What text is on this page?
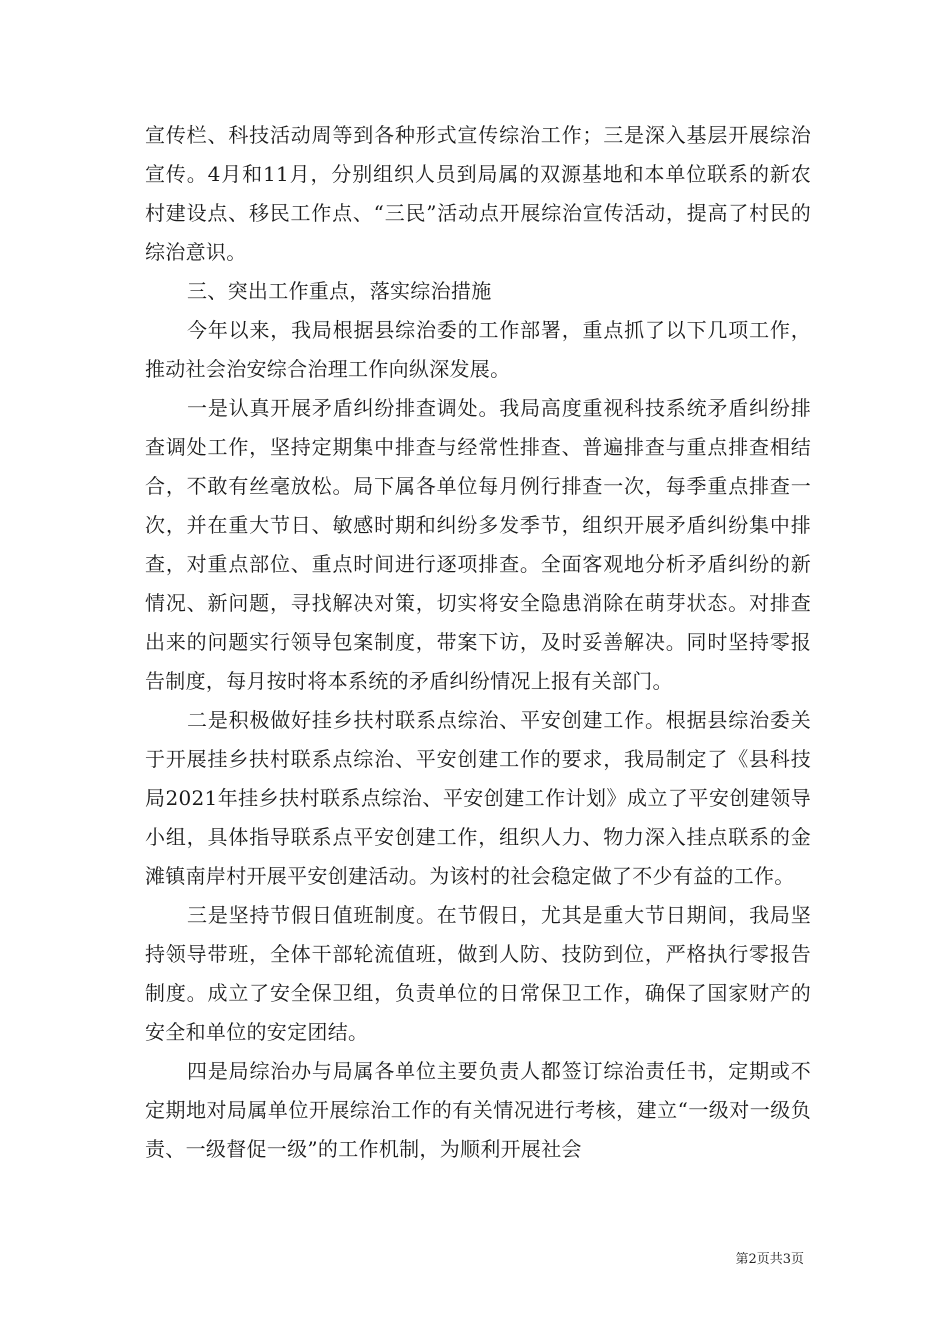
宣传栏、科技活动周等到各种形式宣传综治工作；三是深入基层开展综治宣传。4月和11月，分别组织人员到局属的双源基地和本单位联系的新农村建设点、移民工作点、“三民”活动点开展综治宣传活动，提高了村民的综治意识。

三、突出工作重点，落实综治措施

今年以来，我局根据县综治委的工作部署，重点抓了以下几项工作，推动社会治安综合治理工作向纵深发展。

一是认真开展矛盾纠纷排查调处。我局高度重视科技系统矛盾纠纷排查调处工作，坚持定期集中排查与经常性排查、普遍排查与重点排查相结合，不敢有丝毫放松。局下属各单位每月例行排查一次，每季重点排查一次，并在重大节日、敏感时期和纠纷多发季节，组织开展矛盾纠纷集中排查，对重点部位、重点时间进行逐项排查。全面客观地分析矛盾纠纷的新情况、新问题，寻找解决对策，切实将安全隐患消除在萌芽状态。对排查出来的问题实行领导包案制度，带案下访，及时妥善解决。同时坚持零报告制度，每月按时将本系统的矛盾纠纷情况上报有关部门。

二是积极做好挂乡扶村联系点综治、平安创建工作。根据县综治委关于开展挂乡扶村联系点综治、平安创建工作的要求，我局制定了《县科技局2021年挂乡扶村联系点综治、平安创建工作计划》成立了平安创建领导小组，具体指导联系点平安创建工作，组织人力、物力深入挂点联系的金滩镇南岸村开展平安创建活动。为该村的社会稳定做了不少有益的工作。

三是坚持节假日值班制度。在节假日，尤其是重大节日期间，我局坚持领导带班，全体干部轮流值班，做到人防、技防到位，严格执行零报告制度。成立了安全保卫组，负责单位的日常保卫工作，确保了国家财产的安全和单位的安定团结。

四是局综治办与局属各单位主要负责人都签订综治责任书，定期或不定期地对局属单位开展综治工作的有关情况进行考核，建立“一级对一级负责、一级督促一级”的工作机制，为顺利开展社会

第2页共3页
